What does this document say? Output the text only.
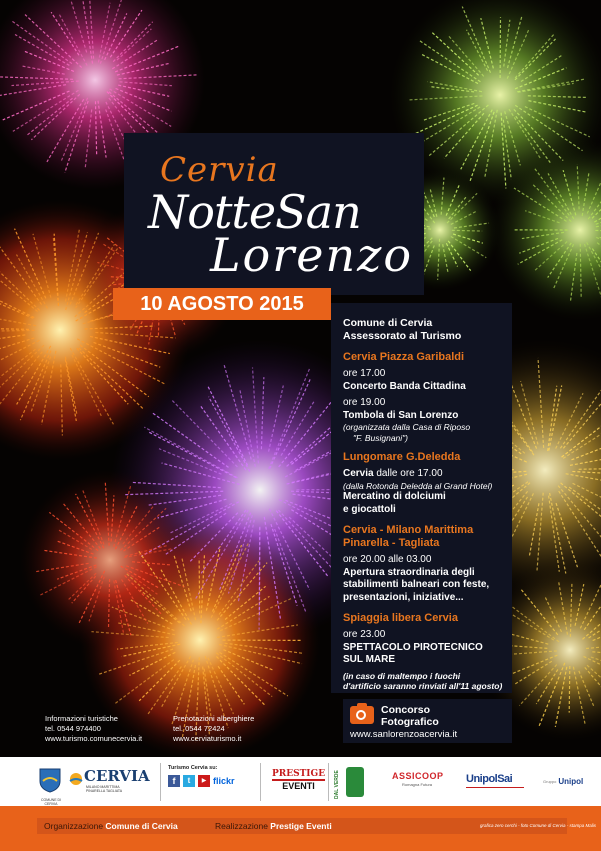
Cervia
NotteSan
Lorenzo
10 AGOSTO 2015
Comune di Cervia
Assessorato al Turismo
Cervia Piazza Garibaldi
ore 17.00
Concerto Banda Cittadina
ore 19.00
Tombola di San Lorenzo
(organizzata dalla Casa di Riposo
"F. Busignani")
Lungomare G.Deledda
Cervia dalle ore 17.00
(dalla Rotonda Deledda al Grand Hotel)
Mercatino di dolciumi
e giocattoli
Cervia - Milano Marittima
Pinarella - Tagliata
ore 20.00 alle 03.00
Apertura straordinaria degli
stabilimenti balneari con feste,
presentazioni, iniziative...
Spiaggia libera Cervia
ore 23.00
SPETTACOLO PIROTECNICO
SUL MARE
(in caso di maltempo i fuochi
d'artificio saranno rinviati all'11 agosto)
Concorso
Fotografico
www.sanlorenzoacervia.it
Informazioni turistiche
tel. 0544 974400
www.turismo.comunecervia.it
Prenotazioni alberghiere
tel. 0544 72424
www.cerviaturismo.it
COMUNE DI CERVIA
CERVIA
MILANO MARITTIMA PINARELLA TAGLIATA
Turismo Cervia su:
f	t	▶ flickr
PRESTIGE
EVENTI	DAL VERDE	ASSICOOP
Romagna Futura	UnipolSai	Gruppo Unipol
Organizzazione Comune di Cervia	Realizzazione Prestige Eventi	grafica zero cerchi - foto Comune di Cervia - stampa Malis
